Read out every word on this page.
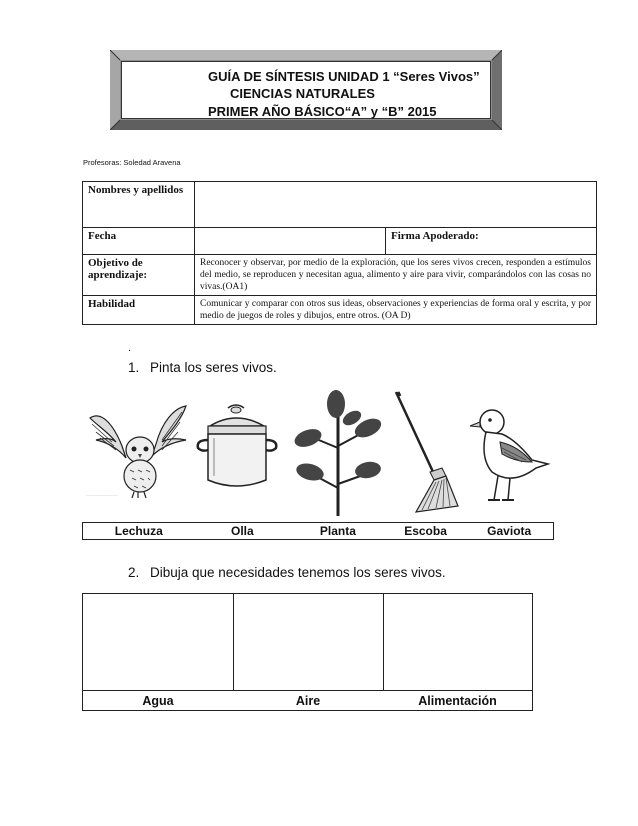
GUÍA DE SÍNTESIS UNIDAD 1 “Seres Vivos”
CIENCIAS NATURALES
PRIMER AÑO BÁSICO“A” y “B” 2015
Profesoras: Soledad Aravena
Nombres y apellidos		
Fecha		Firma Apoderado:
Objetivo de aprendizaje:	Reconocer y observar, por medio de la exploración, que los seres vivos crecen, responden a estímulos del medio, se reproducen y necesitan agua, alimento y aire para vivir, comparándolos con las cosas no vivas.(OA1)	
Habilidad	Comunicar y comparar con otros sus ideas, observaciones y experiencias de forma oral y escrita, y por medio de juegos de roles y dibujos, entre otros. (OA D)	
.
1. Pinta los seres vivos.
.................................
Lechuza	Olla	Planta	Escoba	Gaviota
2. Dibuja que necesidades tenemos los seres vivos.
Agua	Aire	Alimentación
